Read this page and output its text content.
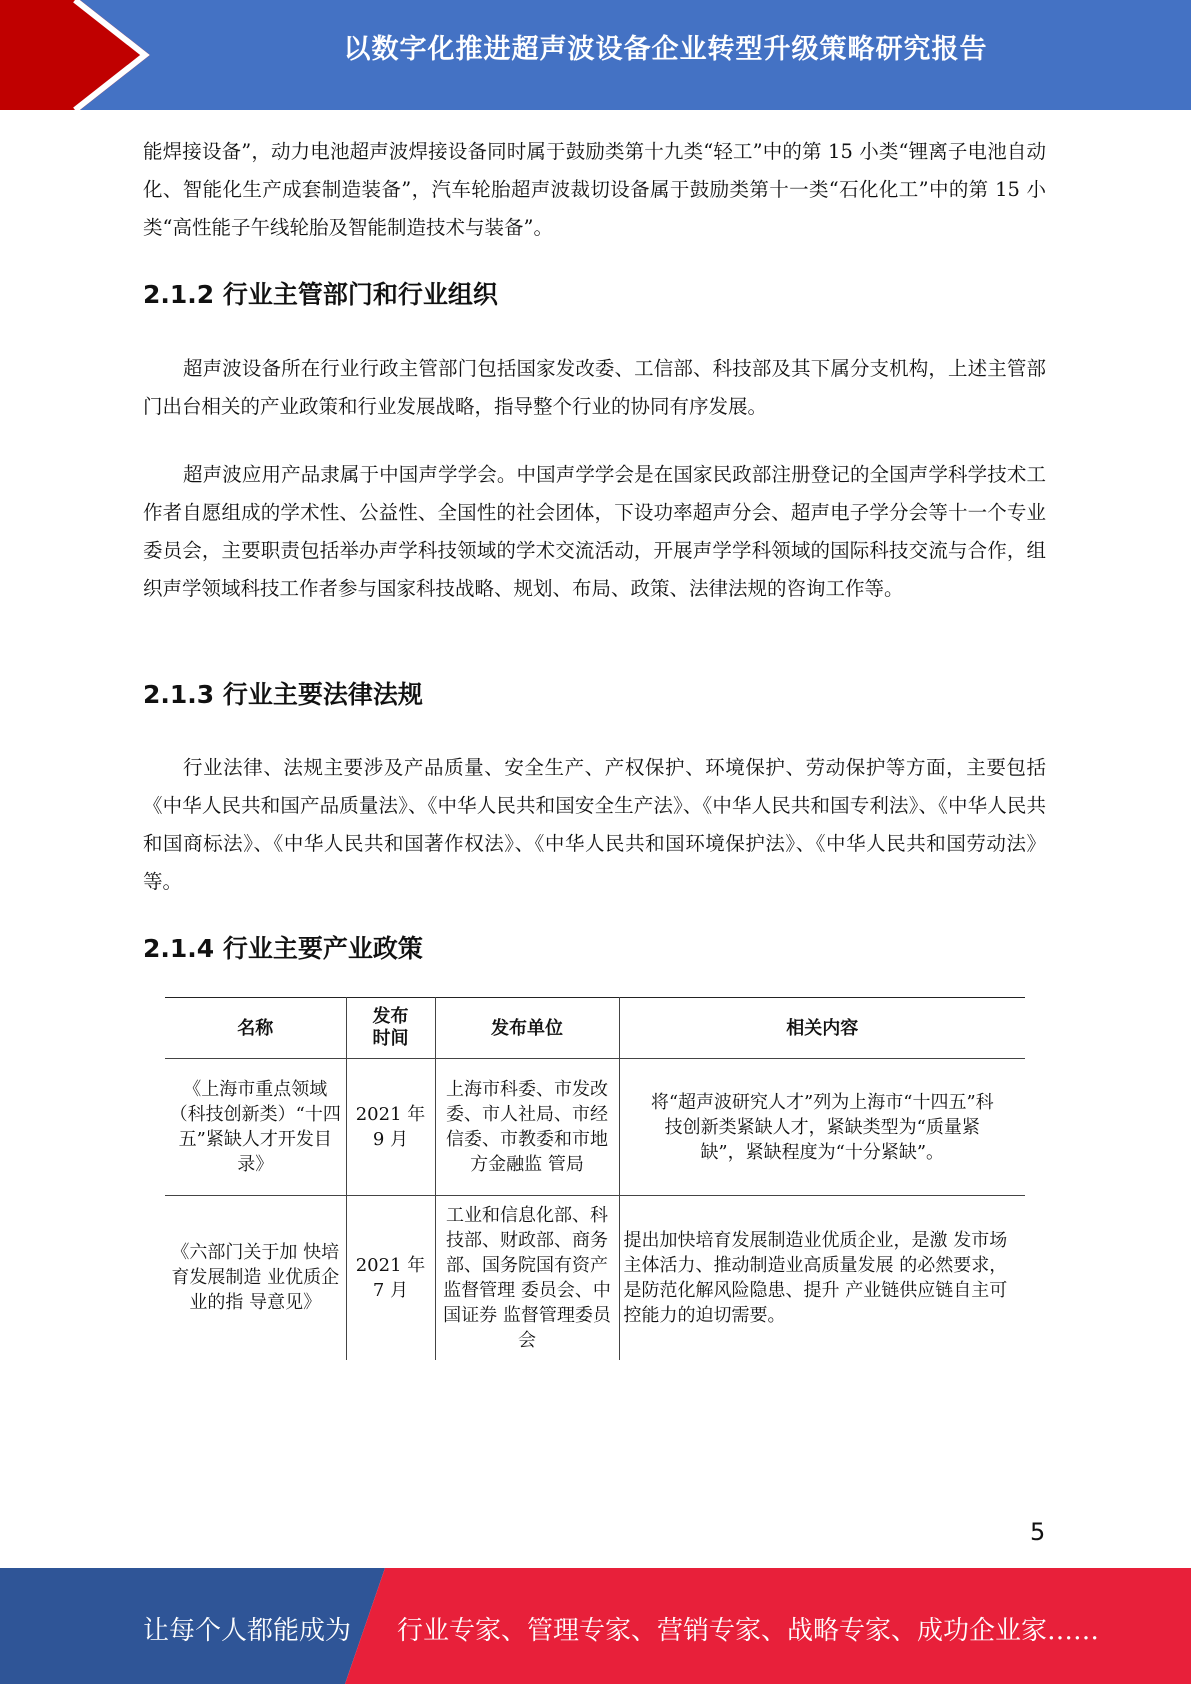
以数字化推进超声波设备企业转型升级策略研究报告

能焊接设备”，动力电池超声波焊接设备同时属于鼓励类第十九类“轻工”中的第 15 小类“锂离子电池自动化、智能化生产成套制造装备”，汽车轮胎超声波裁切设备属于鼓励类第十一类“石化化工”中的第 15 小类“高性能子午线轮胎及智能制造技术与装备”。

2.1.2 行业主管部门和行业组织

超声波设备所在行业行政主管部门包括国家发改委、工信部、科技部及其下属分支机构，上述主管部门出台相关的产业政策和行业发展战略，指导整个行业的协同有序发展。

超声波应用产品隶属于中国声学学会。中国声学学会是在国家民政部注册登记的全国声学科学技术工作者自愿组成的学术性、公益性、全国性的社会团体，下设功率超声分会、超声电子学分会等十一个专业委员会，主要职责包括举办声学科技领域的学术交流活动，开展声学学科领域的国际科技交流与合作，组织声学领域科技工作者参与国家科技战略、规划、布局、政策、法律法规的咨询工作等。

2.1.3 行业主要法律法规

行业法律、法规主要涉及产品质量、安全生产、产权保护、环境保护、劳动保护等方面，主要包括《中华人民共和国产品质量法》、《中华人民共和国安全生产法》、《中华人民共和国专利法》、《中华人民共和国商标法》、《中华人民共和国著作权法》、《中华人民共和国环境保护法》、《中华人民共和国劳动法》等。

2.1.4 行业主要产业政策
名称	发布时间	发布单位	相关内容
《上海市重点领域（科技创新类）“十四五”紧缺人才开发目录》	2021 年 9 月	上海市科委、市发改委、市人社局、市经信委、市教委和市地方金融监 管局	将“超声波研究人才”列为上海市“十四五”科技创新类紧缺人才，紧缺类型为“质量紧缺”，紧缺程度为“十分紧缺”。
《六部门关于加 快培育发展制造 业优质企业的指 导意见》	2021 年 7 月	工业和信息化部、科技部、财政部、商务部、国务院国有资产监督管理 委员会、中国证券 监督管理委员会	提出加快培育发展制造业优质企业，是激 发市场主体活力、推动制造业高质量发展 的必然要求，是防范化解风险隐患、提升 产业链供应链自主可控能力的迫切需要。
5
让每个人都能成为 行业专家、管理专家、营销专家、战略专家、成功企业家……
